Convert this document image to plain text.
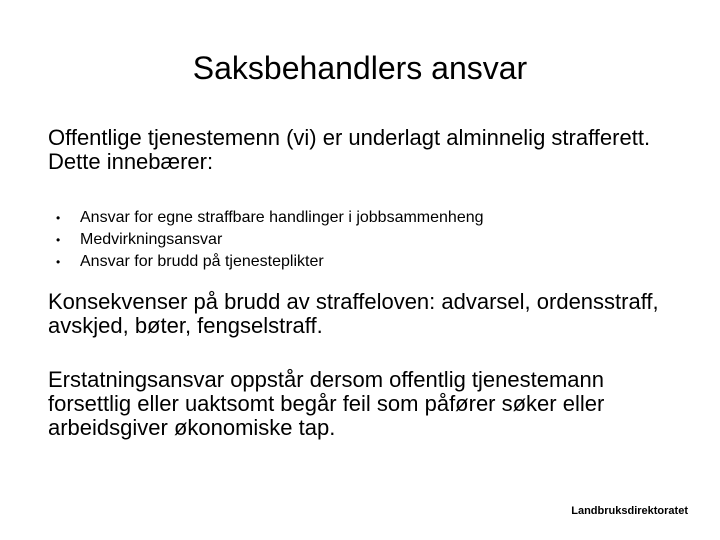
Saksbehandlers ansvar

Offentlige tjenestemenn (vi) er underlagt alminnelig strafferett. Dette innebærer:

• Ansvar for egne straffbare handlinger i jobbsammenheng
• Medvirkningsansvar
• Ansvar for brudd på tjenesteplikter

Konsekvenser på brudd av straffeloven: advarsel, ordensstraff, avskjed, bøter, fengselstraff.

Erstatningsansvar oppstår dersom offentlig tjenestemann forsettlig eller uaktsomt begår feil som påfører søker eller arbeidsgiver økonomiske tap.

Landbruksdirektoratet
